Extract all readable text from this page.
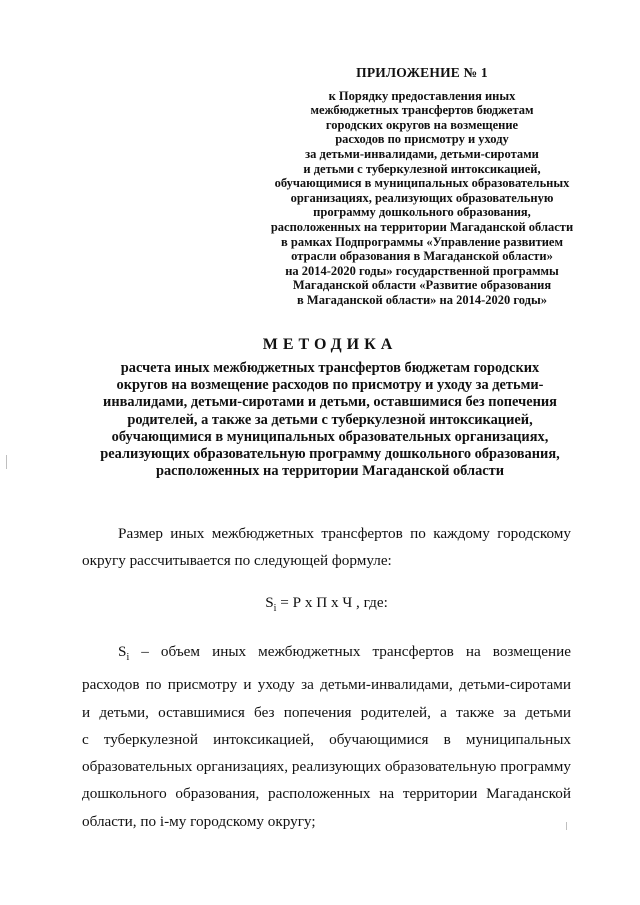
ПРИЛОЖЕНИЕ № 1
к Порядку предоставления иных
межбюджетных трансфертов бюджетам
городских округов на возмещение
расходов по присмотру и уходу
за детьми-инвалидами, детьми-сиротами
и детьми с туберкулезной интоксикацией,
обучающимися в муниципальных образовательных
организациях, реализующих образовательную
программу дошкольного образования,
расположенных на территории Магаданской области
в рамках Подпрограммы «Управление развитием
отрасли образования в Магаданской области»
на 2014-2020 годы» государственной программы
Магаданской области «Развитие образования
в Магаданской области» на 2014-2020 годы»
МЕТОДИКА
расчета иных межбюджетных трансфертов бюджетам городских
округов на возмещение расходов по присмотру и уходу за детьми-
инвалидами, детьми-сиротами и детьми, оставшимися без попечения
родителей, а также за детьми с туберкулезной интоксикацией,
обучающимися в муниципальных образовательных организациях,
реализующих образовательную программу дошкольного образования,
расположенных на территории Магаданской области
Размер иных межбюджетных трансфертов по каждому городскому
округу рассчитывается по следующей формуле:
$S_i = Р$ х П х Ч , где:
$S_i$ – объем иных межбюджетных трансфертов на возмещение
расходов по присмотру и уходу за детьми-инвалидами, детьми-сиротами
и детьми, оставшимися без попечения родителей, а также за детьми
с туберкулезной интоксикацией, обучающимися в муниципальных
образовательных организациях, реализующих образовательную программу
дошкольного образования, расположенных на территории Магаданской
области, по i-му городскому округу;
